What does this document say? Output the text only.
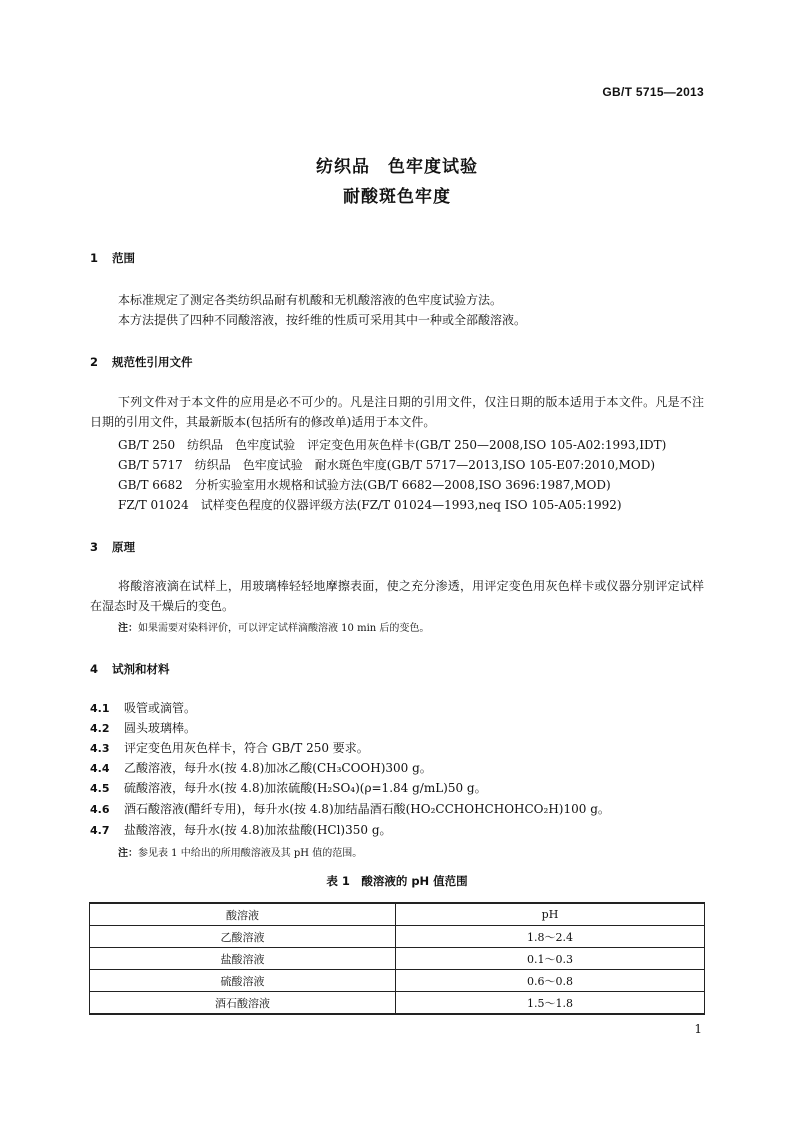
GB/T 5715—2013
纺织品　色牢度试验
耐酸斑色牢度
1 范围
本标准规定了测定各类纺织品耐有机酸和无机酸溶液的色牢度试验方法。
本方法提供了四种不同酸溶液，按纤维的性质可采用其中一种或全部酸溶液。
2 规范性引用文件
下列文件对于本文件的应用是必不可少的。凡是注日期的引用文件，仅注日期的版本适用于本文件。凡是不注日期的引用文件，其最新版本(包括所有的修改单)适用于本文件。
GB/T 250　纺织品　色牢度试验　评定变色用灰色样卡(GB/T 250—2008,ISO 105-A02:1993,IDT)
GB/T 5717　纺织品　色牢度试验　耐水斑色牢度(GB/T 5717—2013,ISO 105-E07:2010,MOD)
GB/T 6682　分析实验室用水规格和试验方法(GB/T 6682—2008,ISO 3696:1987,MOD)
FZ/T 01024　试样变色程度的仪器评级方法(FZ/T 01024—1993,neq ISO 105-A05:1992)
3 原理
将酸溶液滴在试样上，用玻璃棒轻轻地摩擦表面，使之充分渗透，用评定变色用灰色样卡或仪器分别评定试样在湿态时及干燥后的变色。
注：如果需要对染料评价，可以评定试样滴酸溶液 10 min 后的变色。
4 试剂和材料
4.1 吸管或滴管。
4.2 圆头玻璃棒。
4.3 评定变色用灰色样卡，符合 GB/T 250 要求。
4.4 乙酸溶液，每升水(按 4.8)加冰乙酸(CH₃COOH)300 g。
4.5 硫酸溶液，每升水(按 4.8)加浓硫酸(H₂SO₄)(ρ=1.84 g/mL)50 g。
4.6 酒石酸溶液(醋纤专用)，每升水(按 4.8)加结晶酒石酸(HO₂CCHOHCHOHCO₂H)100 g。
4.7 盐酸溶液，每升水(按 4.8)加浓盐酸(HCl)350 g。
注：参见表 1 中给出的所用酸溶液及其 pH 值的范围。
表 1　酸溶液的 pH 值范围
酸溶液	pH
乙酸溶液	1.8～2.4
盐酸溶液	0.1～0.3
硫酸溶液	0.6～0.8
酒石酸溶液	1.5～1.8
1
